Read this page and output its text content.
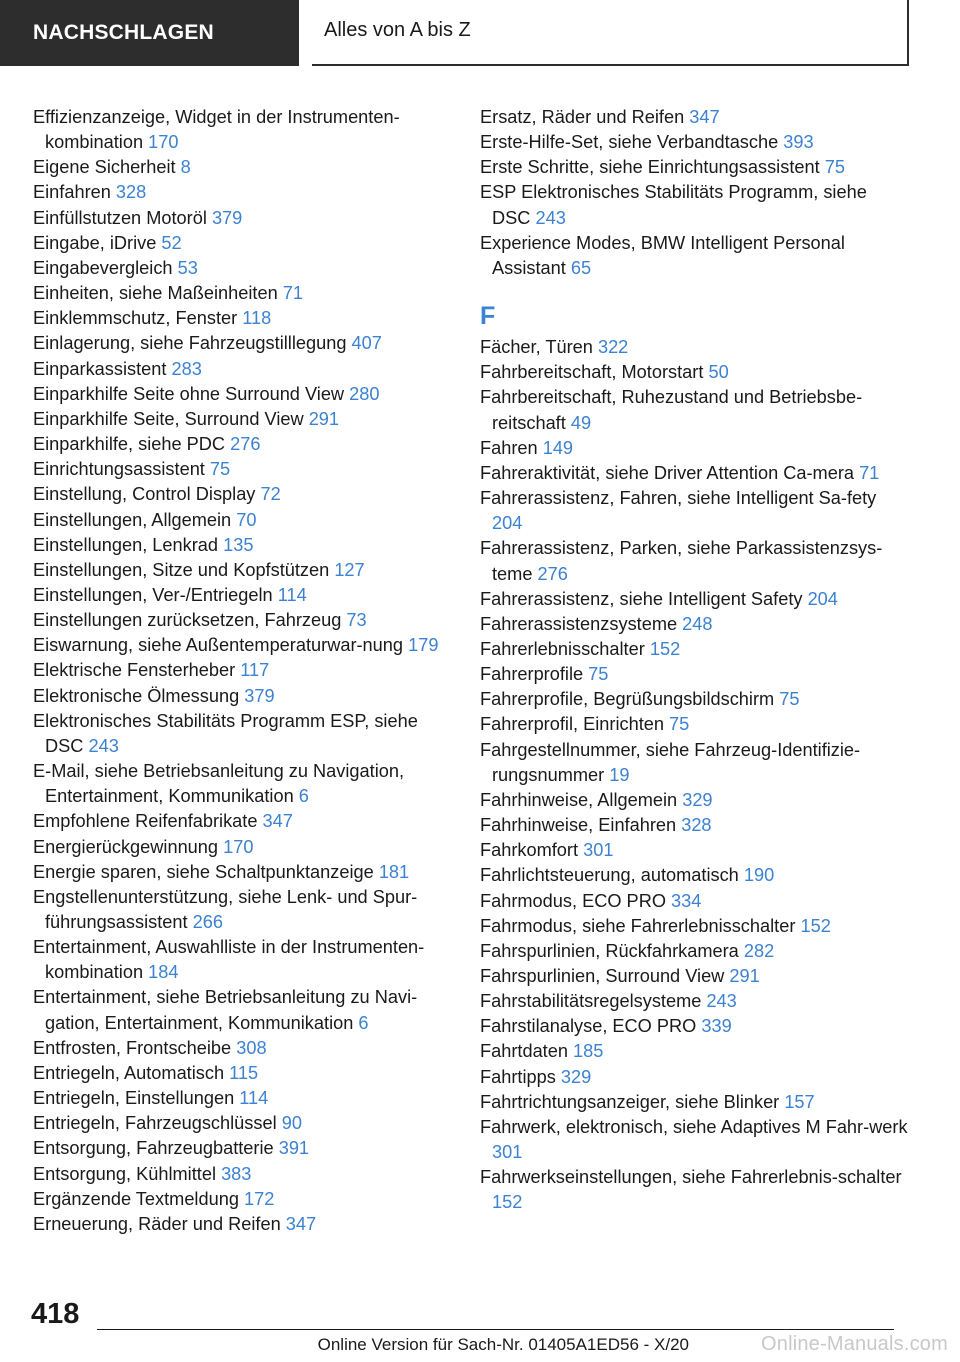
NACHSCHLAGEN	Alles von A bis Z
Effizienzanzeige, Widget in der Instrumenten-kombination 170
Eigene Sicherheit 8
Einfahren 328
Einfüllstutzen Motoröl 379
Eingabe, iDrive 52
Eingabevergleich 53
Einheiten, siehe Maßeinheiten 71
Einklemmschutz, Fenster 118
Einlagerung, siehe Fahrzeugstilllegung 407
Einparkassistent 283
Einparkhilfe Seite ohne Surround View 280
Einparkhilfe Seite, Surround View 291
Einparkhilfe, siehe PDC 276
Einrichtungsassistent 75
Einstellung, Control Display 72
Einstellungen, Allgemein 70
Einstellungen, Lenkrad 135
Einstellungen, Sitze und Kopfstützen 127
Einstellungen, Ver-/Entriegeln 114
Einstellungen zurücksetzen, Fahrzeug 73
Eiswarnung, siehe Außentemperaturwar-nung 179
Elektrische Fensterheber 117
Elektronische Ölmessung 379
Elektronisches Stabilitäts Programm ESP, siehe DSC 243
E-Mail, siehe Betriebsanleitung zu Navigation, Entertainment, Kommunikation 6
Empfohlene Reifenfabrikate 347
Energierückgewinnung 170
Energie sparen, siehe Schaltpunktanzeige 181
Engstellenunterstützung, siehe Lenk- und Spur-führungsassistent 266
Entertainment, Auswahlliste in der Instrumenten-kombination 184
Entertainment, siehe Betriebsanleitung zu Navi-gation, Entertainment, Kommunikation 6
Entfrosten, Frontscheibe 308
Entriegeln, Automatisch 115
Entriegeln, Einstellungen 114
Entriegeln, Fahrzeugschlüssel 90
Entsorgung, Fahrzeugbatterie 391
Entsorgung, Kühlmittel 383
Ergänzende Textmeldung 172
Erneuerung, Räder und Reifen 347
Ersatz, Räder und Reifen 347
Erste-Hilfe-Set, siehe Verbandtasche 393
Erste Schritte, siehe Einrichtungsassistent 75
ESP Elektronisches Stabilitäts Programm, siehe DSC 243
Experience Modes, BMW Intelligent Personal Assistant 65
F
Fächer, Türen 322
Fahrbereitschaft, Motorstart 50
Fahrbereitschaft, Ruhezustand und Betriebsbe-reitschaft 49
Fahren 149
Fahreraktivität, siehe Driver Attention Ca-mera 71
Fahrerassistenz, Fahren, siehe Intelligent Sa-fety 204
Fahrerassistenz, Parken, siehe Parkassistenzsys-teme 276
Fahrerassistenz, siehe Intelligent Safety 204
Fahrerassistenzsysteme 248
Fahrerlebnisschalter 152
Fahrerprofile 75
Fahrerprofile, Begrüßungsbildschirm 75
Fahrerprofil, Einrichten 75
Fahrgestellnummer, siehe Fahrzeug-Identifizie-rungsnummer 19
Fahrhinweise, Allgemein 329
Fahrhinweise, Einfahren 328
Fahrkomfort 301
Fahrlichtsteuerung, automatisch 190
Fahrmodus, ECO PRO 334
Fahrmodus, siehe Fahrerlebnisschalter 152
Fahrspurlinien, Rückfahrkamera 282
Fahrspurlinien, Surround View 291
Fahrstabilitätsregelsysteme 243
Fahrstilanalyse, ECO PRO 339
Fahrtdaten 185
Fahrtipps 329
Fahrtrichtungsanzeiger, siehe Blinker 157
Fahrwerk, elektronisch, siehe Adaptives M Fahr-werk 301
Fahrwerkseinstellungen, siehe Fahrerlebnis-schalter 152
418
Online Version für Sach-Nr. 01405A1ED56 - X/20	Online-Manuals.com
